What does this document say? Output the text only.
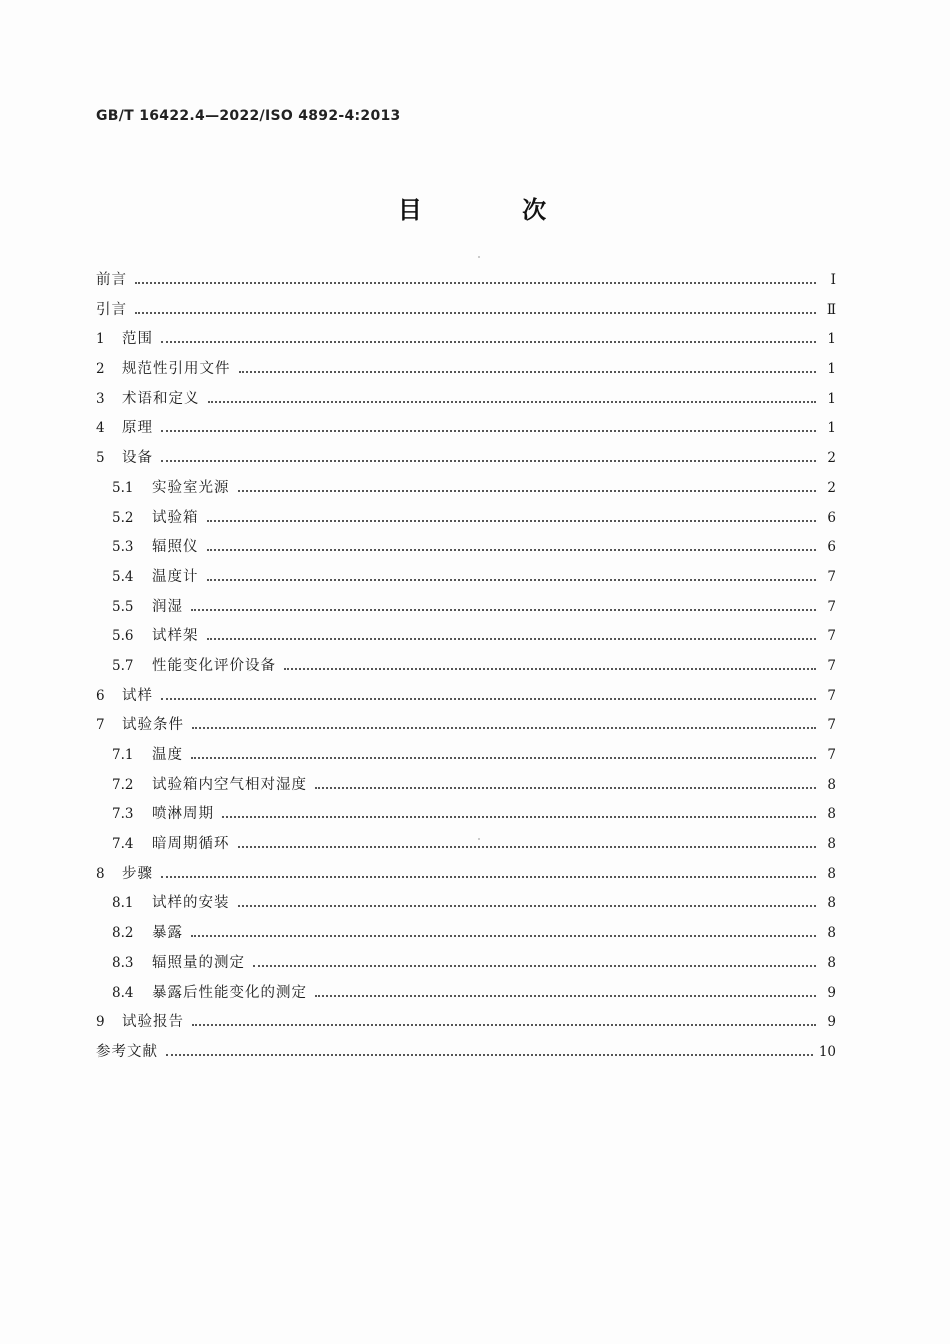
GB/T 16422.4—2022/ISO 4892-4:2013
目 次
前言	Ⅰ
引言	Ⅱ
1	范围	1
2	规范性引用文件	1
3	术语和定义	1
4	原理	1
5	设备	2
5.1	实验室光源	2
5.2	试验箱	6
5.3	辐照仪	6
5.4	温度计	7
5.5	润湿	7
5.6	试样架	7
5.7	性能变化评价设备	7
6	试样	7
7	试验条件	7
7.1	温度	7
7.2	试验箱内空气相对湿度	8
7.3	喷淋周期	8
7.4	暗周期循环	8
8	步骤	8
8.1	试样的安装	8
8.2	暴露	8
8.3	辐照量的测定	8
8.4	暴露后性能变化的测定	9
9	试验报告	9
参考文献	10
